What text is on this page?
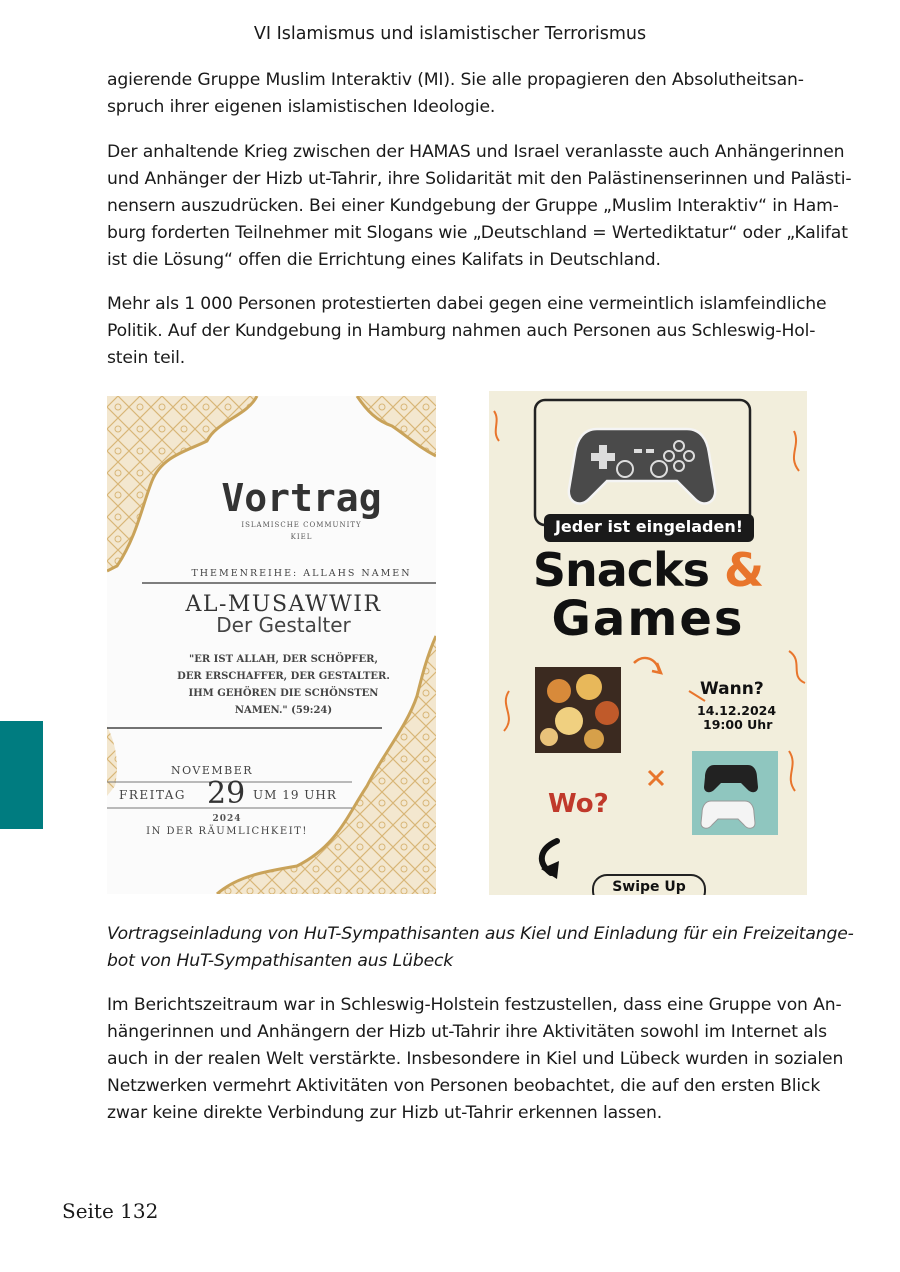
VI Islamismus und islamistischer Terrorismus

agierende Gruppe Muslim Interaktiv (MI). Sie alle propagieren den Absolutheitsan-
spruch ihrer eigenen islamistischen Ideologie.

Der anhaltende Krieg zwischen der HAMAS und Israel veranlasste auch Anhängerinnen
und Anhänger der Hizb ut-Tahrir, ihre Solidarität mit den Palästinenserinnen und Palästi-
nensern auszudrücken. Bei einer Kundgebung der Gruppe „Muslim Interaktiv“ in Ham-
burg forderten Teilnehmer mit Slogans wie „Deutschland = Wertediktatur“ oder „Kalifat
ist die Lösung“ offen die Errichtung eines Kalifats in Deutschland.

Mehr als 1 000 Personen protestierten dabei gegen eine vermeintlich islamfeindliche
Politik. Auf der Kundgebung in Hamburg nahmen auch Personen aus Schleswig-Hol-
stein teil.

Vortrag
ISLAMISCHE COMMUNITY
KIEL
THEMENREIHE: ALLAHS NAMEN
AL-MUSAWWIR
Der Gestalter
"ER IST ALLAH, DER SCHÖPFER,
DER ERSCHAFFER, DER GESTALTER.
IHM GEHÖREN DIE SCHÖNSTEN
NAMEN." (59:24)
NOVEMBER
FREITAG 29 UM 19 UHR
2024
IN DER RÄUMLICHKEIT!
Jeder ist eingeladen!
Snacks &
Games
Wann?
14.12.2024
19:00 Uhr
Wo?
Swipe Up

Vortragseinladung von HuT-Sympathisanten aus Kiel und Einladung für ein Freizeitange-
bot von HuT-Sympathisanten aus Lübeck

Im Berichtszeitraum war in Schleswig-Holstein festzustellen, dass eine Gruppe von An-
hängerinnen und Anhängern der Hizb ut-Tahrir ihre Aktivitäten sowohl im Internet als
auch in der realen Welt verstärkte. Insbesondere in Kiel und Lübeck wurden in sozialen
Netzwerken vermehrt Aktivitäten von Personen beobachtet, die auf den ersten Blick
zwar keine direkte Verbindung zur Hizb ut-Tahrir erkennen lassen.

Seite 132
